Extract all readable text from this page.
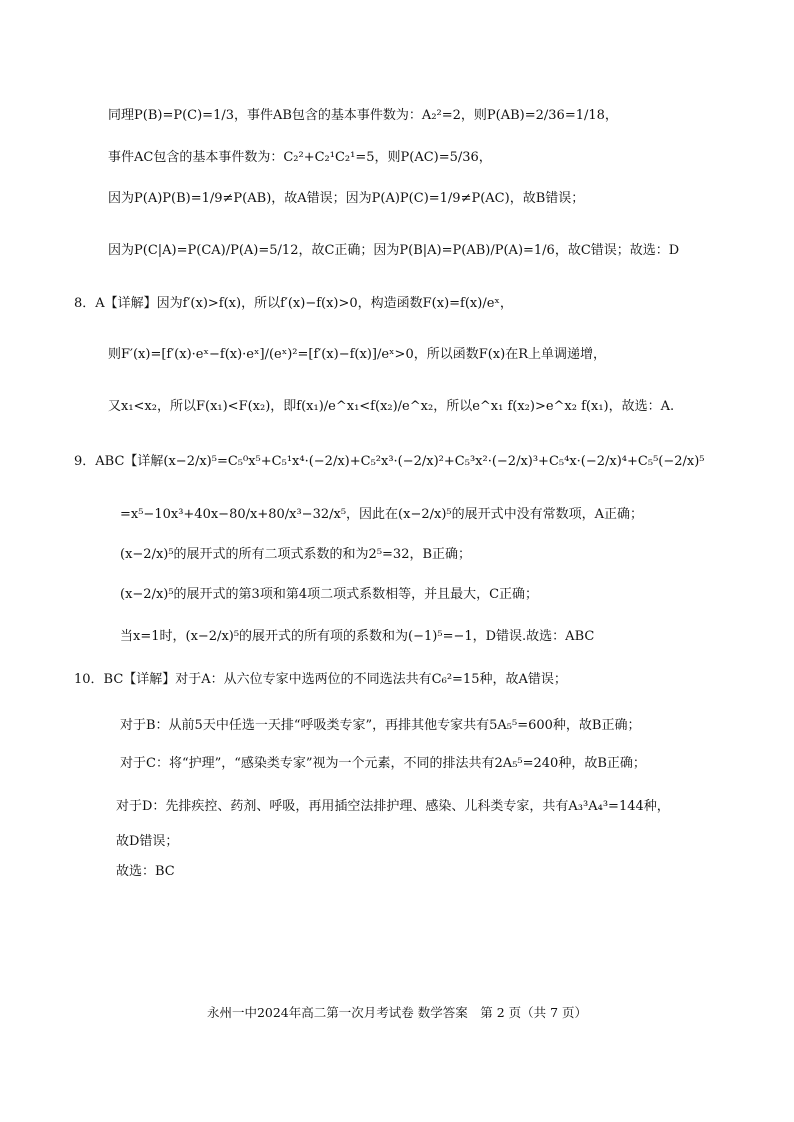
同理P(B)=P(C)=1/3，事件AB包含的基本事件数为：A₂²=2，则P(AB)=2/36=1/18，
事件AC包含的基本事件数为：C₂²+C₂¹C₂¹=5，则P(AC)=5/36，
因为P(A)P(B)=1/9≠P(AB)，故A错误；因为P(A)P(C)=1/9≠P(AC)，故B错误；
因为P(C|A)=P(CA)/P(A)=5/12，故C正确；因为P(B|A)=P(AB)/P(A)=1/6，故C错误；故选：D
8．A【详解】因为f′(x)>f(x)，所以f′(x)−f(x)>0，构造函数F(x)=f(x)/eˣ，
则F′(x)=[f′(x)·eˣ−f(x)·eˣ]/(eˣ)²=[f′(x)−f(x)]/eˣ>0，所以函数F(x)在R上单调递增，
又x₁<x₂，所以F(x₁)<F(x₂)，即f(x₁)/e^x₁<f(x₂)/e^x₂，所以e^x₁ f(x₂)>e^x₂ f(x₁)，故选：A.
9．ABC【详解(x−2/x)⁵=C₅⁰x⁵+C₅¹x⁴·(−2/x)+C₅²x³·(−2/x)²+C₅³x²·(−2/x)³+C₅⁴x·(−2/x)⁴+C₅⁵(−2/x)⁵
=x⁵−10x³+40x−80/x+80/x³−32/x⁵，因此在(x−2/x)⁵的展开式中没有常数项，A正确；
(x−2/x)⁵的展开式的所有二项式系数的和为2⁵=32，B正确；
(x−2/x)⁵的展开式的第3项和第4项二项式系数相等，并且最大，C正确；
当x=1时，(x−2/x)⁵的展开式的所有项的系数和为(−1)⁵=−1，D错误.故选：ABC
10．BC【详解】对于A：从六位专家中选两位的不同选法共有C₆²=15种，故A错误；
对于B：从前5天中任选一天排“呼吸类专家”，再排其他专家共有5A₅⁵=600种，故B正确；
对于C：将“护理”，“感染类专家”视为一个元素，不同的排法共有2A₅⁵=240种，故B正确；
对于D：先排疾控、药剂、呼吸，再用插空法排护理、感染、儿科类专家，共有A₃³A₄³=144种，
故D错误；
故选：BC
永州一中2024年高二第一次月考试卷 数学答案　第 2 页（共 7 页）
